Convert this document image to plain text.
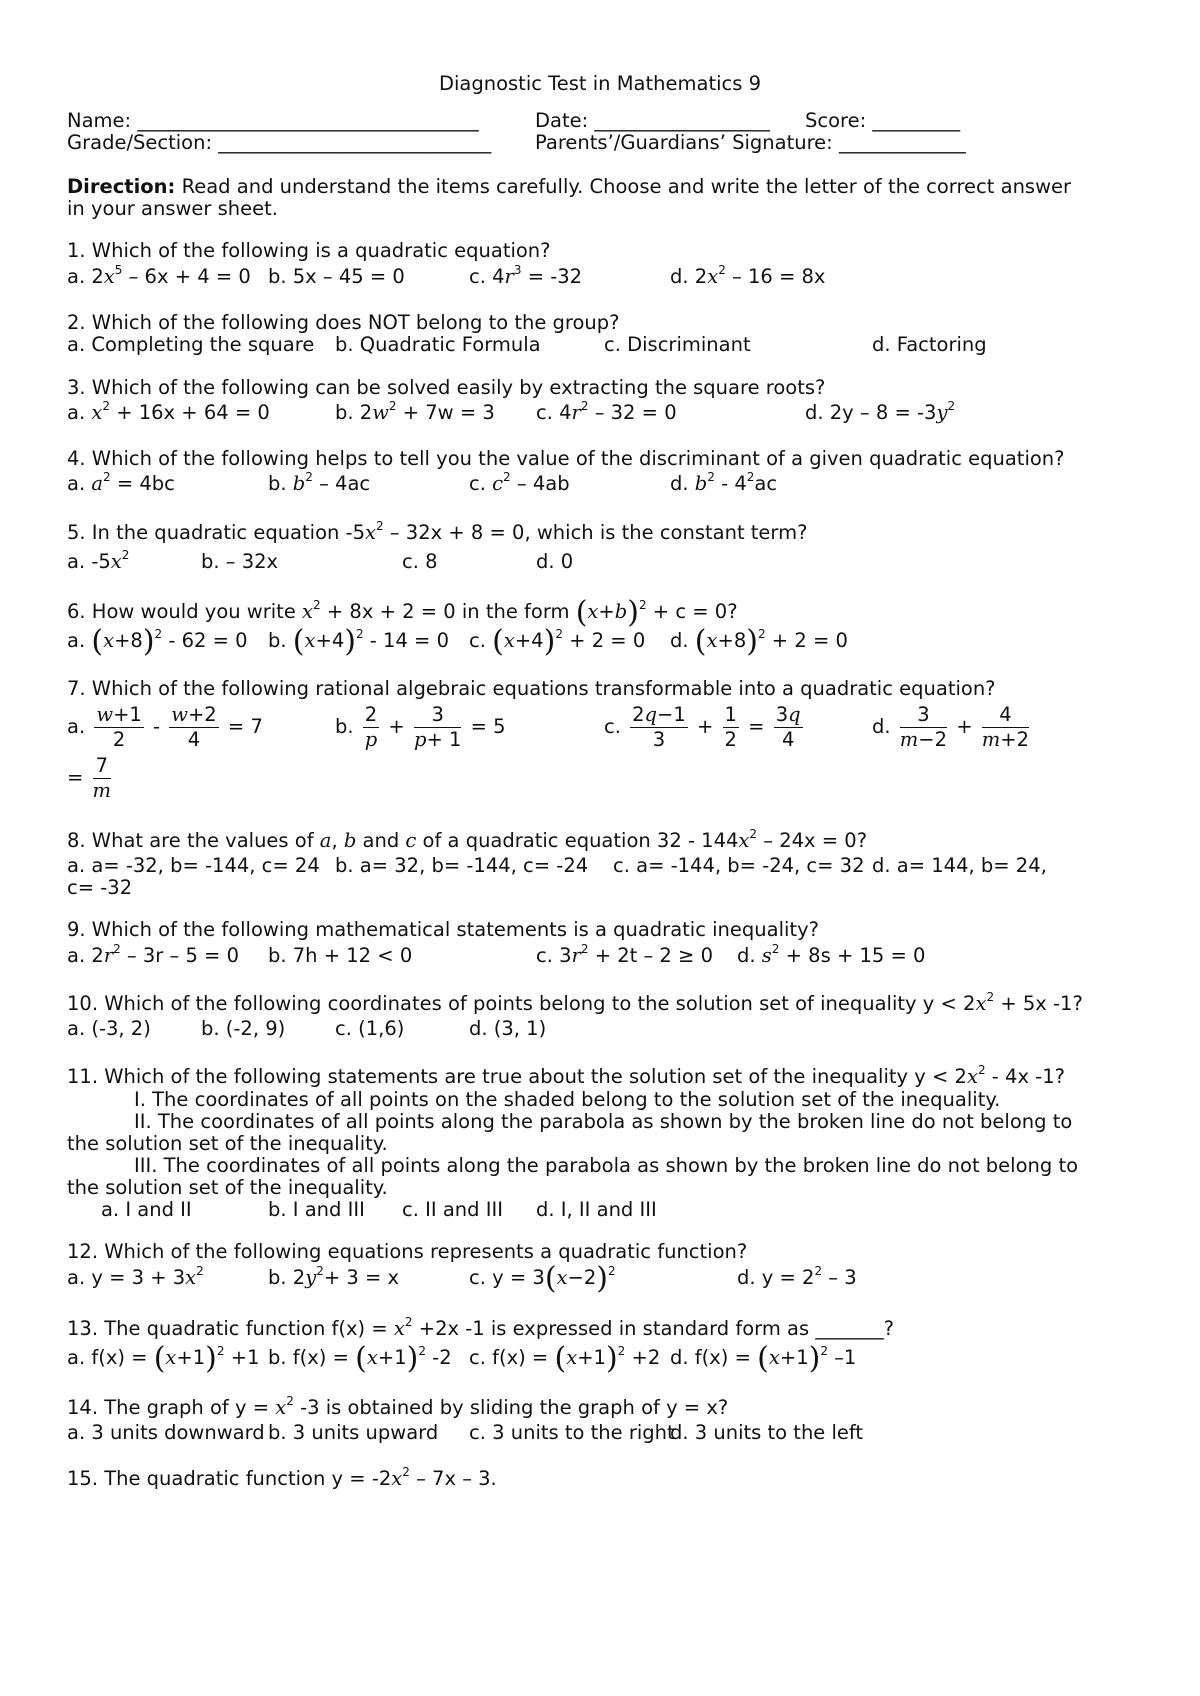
Diagnostic Test in Mathematics 9
Name: ___________________________________	Date: __________________ Score: _________
Grade/Section: ____________________________ Parents’/Guardians’ Signature: _____________
Direction: Read and understand the items carefully. Choose and write the letter of the correct answer
in your answer sheet.
1. Which of the following is a quadratic equation?
a. $2x^5 - 6x + 4 = 0$ b. 5x – 45 = 0	c. $4r^3 = -32$	d. $2x^2 - 16 = 8x$
2. Which of the following does NOT belong to the group?
a. Completing the square b. Quadratic Formula	c. Discriminant	d. Factoring
3. Which of the following can be solved easily by extracting the square roots?
a. $x^2 + 16x + 64 = 0$	b. $2w^2 + 7w = 3$ c. $4r^2 - 32 = 0$	d. $2y - 8 = -3y^2$
4. Which of the following helps to tell you the value of the discriminant of a given quadratic equation?
a. $a^2 = 4bc$	b. $b^2 - 4ac$	c. $c^2 - 4ab$	d. $b^2 - 4^2ac$
5. In the quadratic equation $-5x^2 - 32x + 8 = 0$, which is the constant term?
a. $-5x^2$	b. – 32x	c. 8	d. 0
6. How would you write $x^2 + 8x + 2 = 0$ in the form $(x+b)^2 + c = 0$?
a. $(x+8)^2 - 62 = 0$ b. $(x+4)^2 - 14 = 0$ c. $(x+4)^2 + 2 = 0$ d. $(x+8)^2 + 2 = 0$
7. Which of the following rational algebraic equations transformable into a quadratic equation?
a. $\frac{w+1}{2} - \frac{w+2}{4} = 7$	b. $\frac{2}{p} + \frac{3}{p+ 1} = 5$	c. $\frac{2q-1}{3} + \frac{1}{2} = \frac{3q}{4}$	d. $\frac{3}{m-2} + \frac{4}{m+2}$
= $\frac{7}{m}$
8. What are the values of a, b and c of a quadratic equation $32 - 144x^2 - 24x = 0$?
a. a= -32, b= -144, c= 24 b. a= 32, b= -144, c= -24 c. a= -144, b= -24, c= 32 d. a= 144, b= 24,
c= -32
9. Which of the following mathematical statements is a quadratic inequality?
a. $2r^2 - 3r - 5 = 0$ b. 7h + 12 < 0	c. $3r^2 + 2t - 2 \ge 0$ d. $s^2 + 8s + 15 = 0$
10. Which of the following coordinates of points belong to the solution set of inequality $y < 2x^2 + 5x$ -1?
a. (-3, 2)	b. (-2, 9)	c. (1,6)	d. (3, 1)
11. Which of the following statements are true about the solution set of the inequality $y < 2x^2 - 4x$ -1?
I. The coordinates of all points on the shaded belong to the solution set of the inequality.
II. The coordinates of all points along the parabola as shown by the broken line do not belong to
the solution set of the inequality.
III. The coordinates of all points along the parabola as shown by the broken line do not belong to
the solution set of the inequality.
a. I and II	b. I and III c. II and III d. I, II and III
12. Which of the following equations represents a quadratic function?
a. $y = 3 + 3x^2$	b. $2y^2+ 3 = x$	c. $y = 3(x-2)^2$	d. $y = 2^2 - 3$
13. The quadratic function $f(x) = x^2 +2x$ -1 is expressed in standard form as _______?
a. $f(x) = (x+1)^2 +1$ b. $f(x) = (x+1)^2$ -2 c. $f(x) = (x+1)^2 +2$ d. $f(x) = (x+1)^2$ –1
14. The graph of $y = x^2$ -3 is obtained by sliding the graph of y = x?
a. 3 units downward b. 3 units upward c. 3 units to the right
d. 3 units to the left
15. The quadratic function $y = -2x^2 - 7x - 3$.
